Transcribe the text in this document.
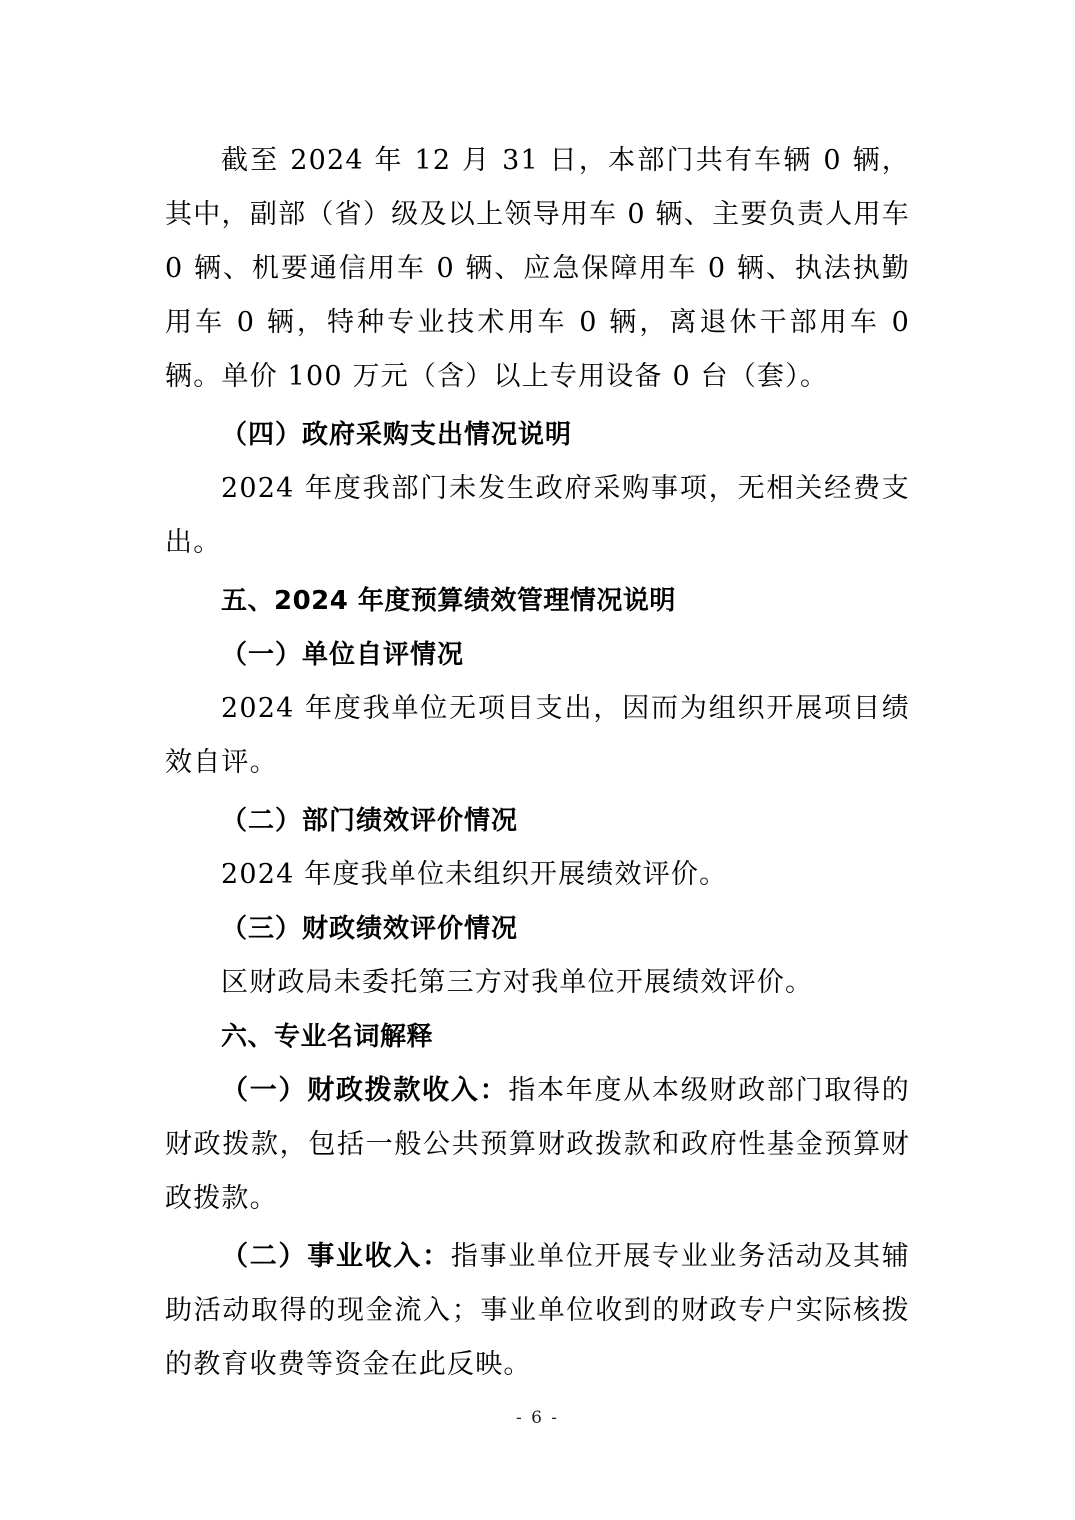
截至 2024 年 12 月 31 日，本部门共有车辆 0 辆，其中，副部（省）级及以上领导用车 0 辆、主要负责人用车 0 辆、机要通信用车 0 辆、应急保障用车 0 辆、执法执勤用车 0 辆，特种专业技术用车 0 辆，离退休干部用车 0 辆。单价 100 万元（含）以上专用设备 0 台（套）。

（四）政府采购支出情况说明

2024 年度我部门未发生政府采购事项，无相关经费支出。

五、2024 年度预算绩效管理情况说明

（一）单位自评情况

2024 年度我单位无项目支出，因而为组织开展项目绩效自评。

（二）部门绩效评价情况

2024 年度我单位未组织开展绩效评价。

（三）财政绩效评价情况

区财政局未委托第三方对我单位开展绩效评价。

六、专业名词解释

（一）财政拨款收入：指本年度从本级财政部门取得的财政拨款，包括一般公共预算财政拨款和政府性基金预算财政拨款。

（二）事业收入：指事业单位开展专业业务活动及其辅助活动取得的现金流入；事业单位收到的财政专户实际核拨的教育收费等资金在此反映。

- 6 -
